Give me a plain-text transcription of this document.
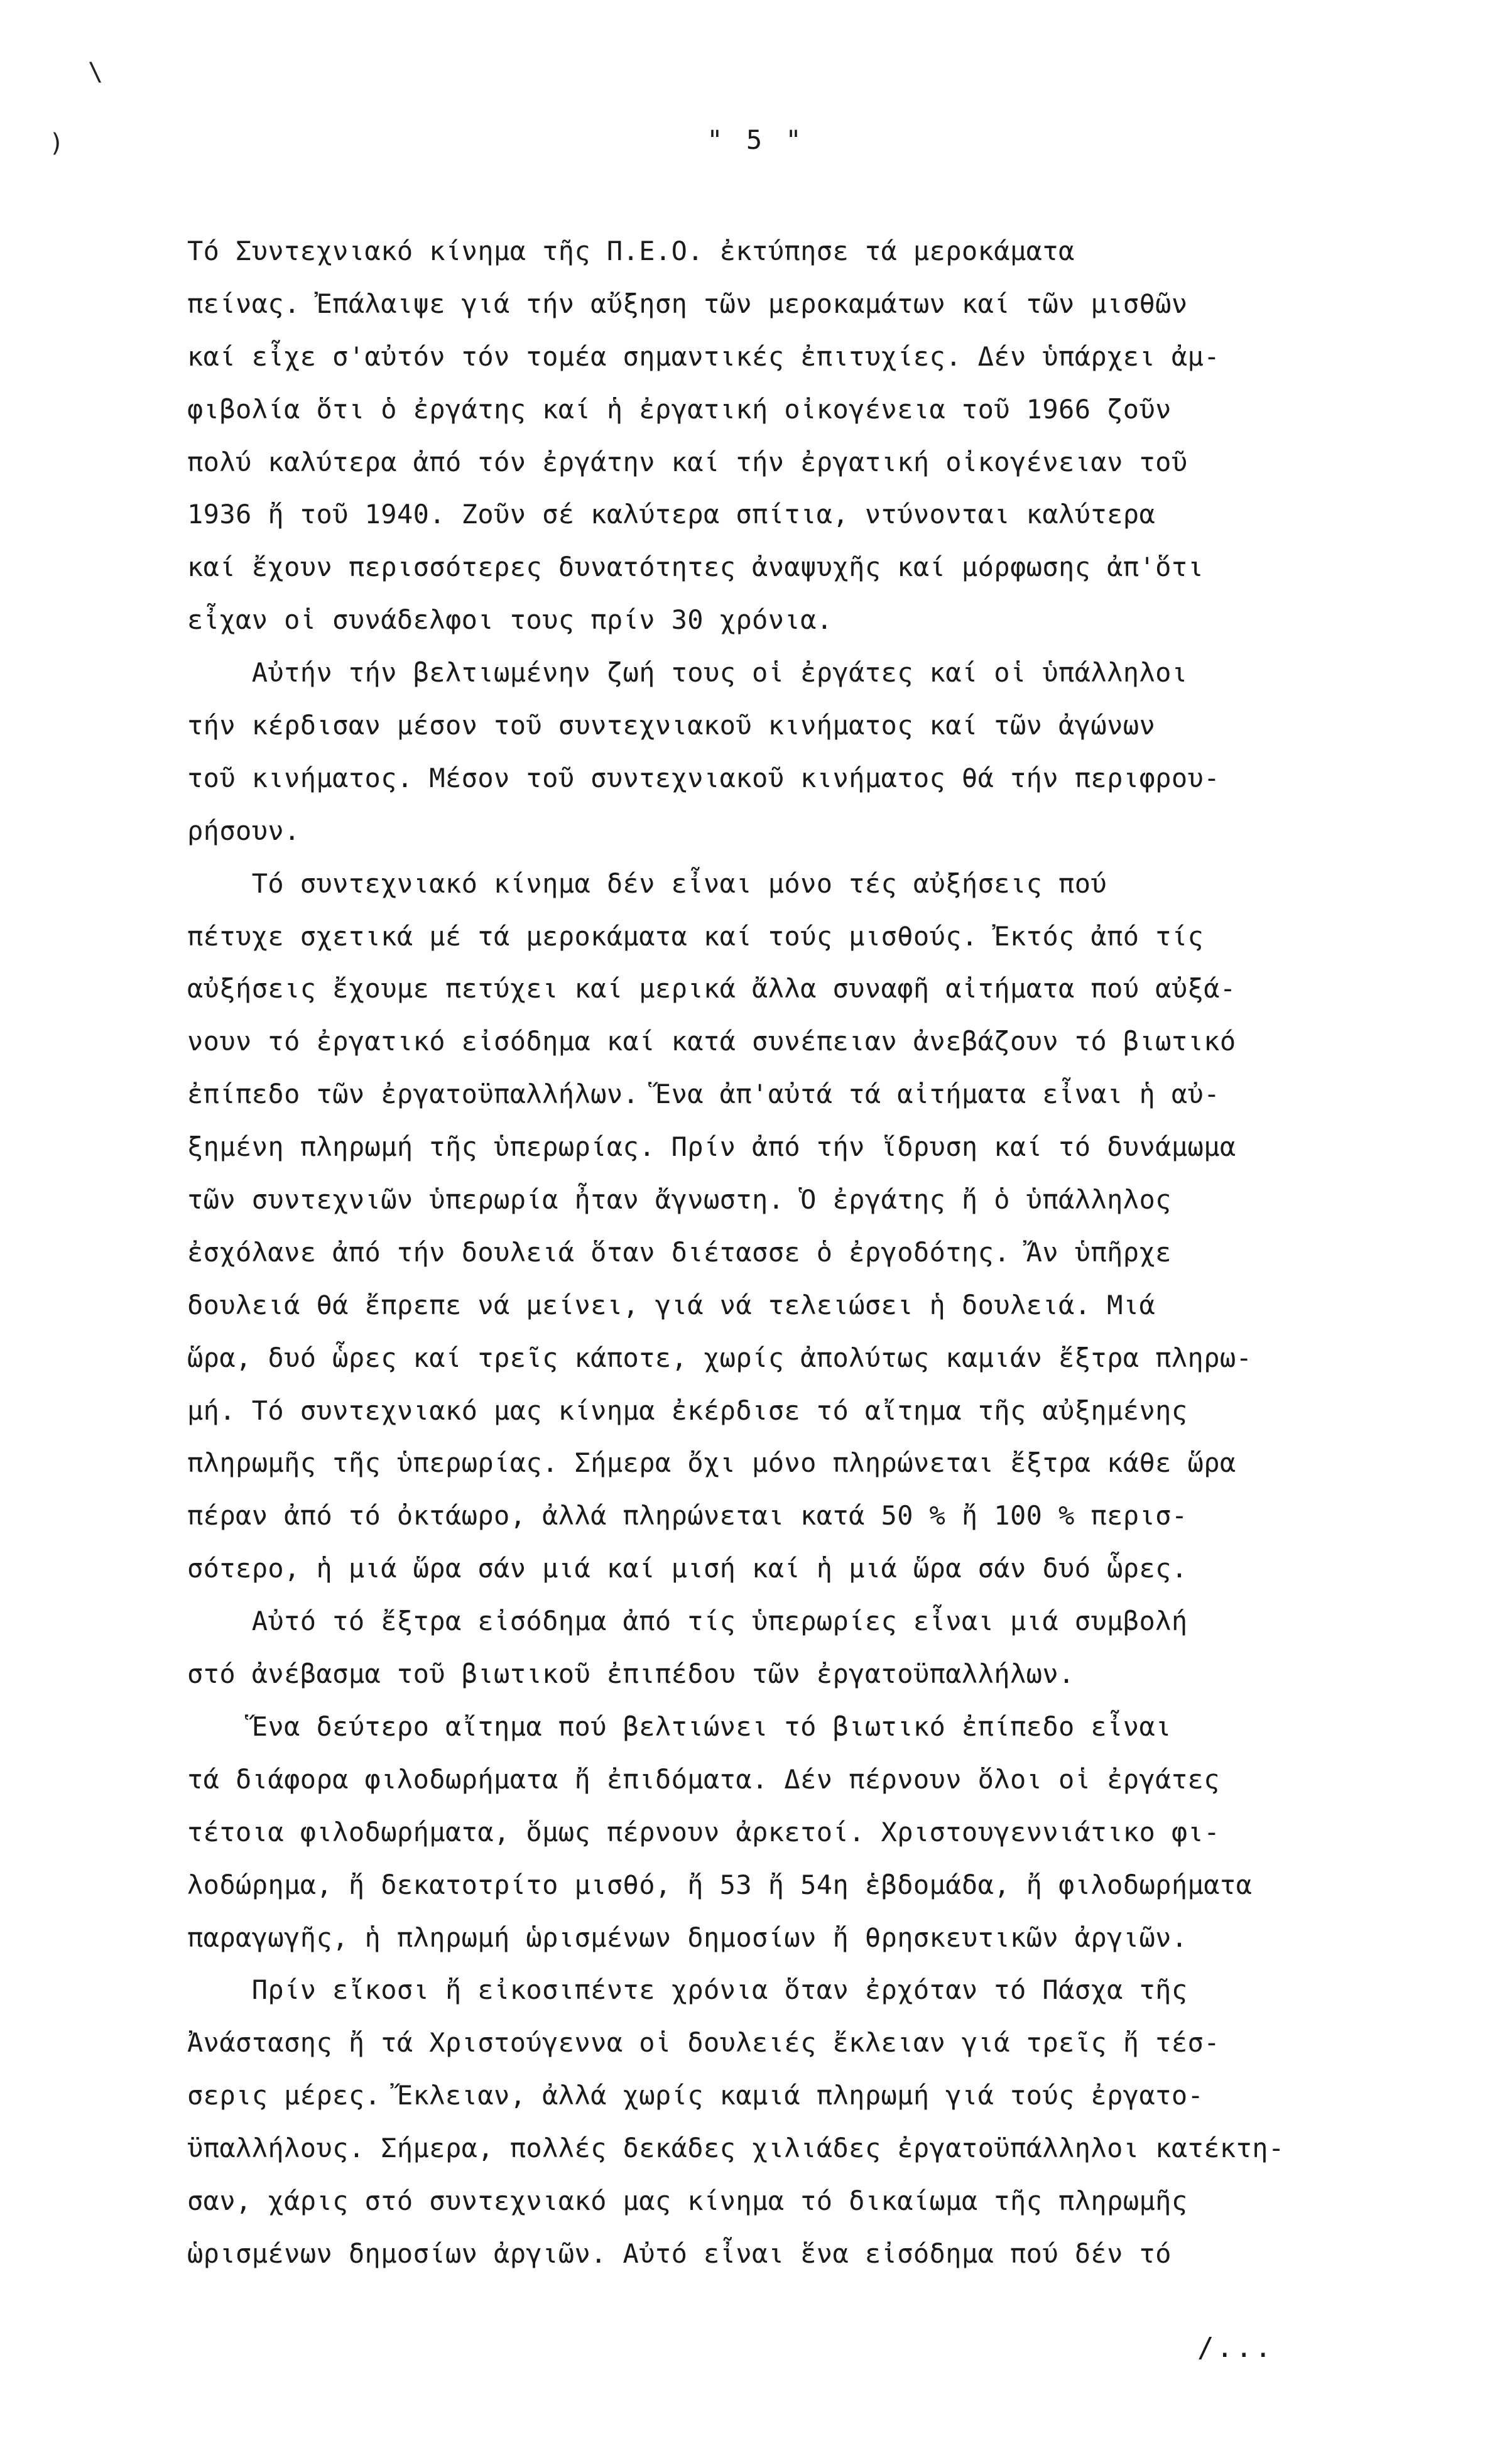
\
)	" 5 "
Τό Συντεχνιακό κίνημα τῆς Π.Ε.Ο. ἐκτύπησε τά μεροκάματα
πείνας. Ἐπάλαιψε γιά τήν αὔξηση τῶν μεροκαμάτων καί τῶν μισθῶν
καί εἶχε σ'αὐτόν τόν τομέα σημαντικές ἐπιτυχίες. Δέν ὑπάρχει ἀμ-
φιβολία ὅτι ὁ ἐργάτης καί ἡ ἐργατική οἰκογένεια τοῦ 1966 ζοῦν
πολύ καλύτερα ἀπό τόν ἐργάτην καί τήν ἐργατική οἰκογένειαν τοῦ
1936 ἤ τοῦ 1940. Ζοῦν σέ καλύτερα σπίτια, ντύνονται καλύτερα
καί ἔχουν περισσότερες δυνατότητες ἀναψυχῆς καί μόρφωσης ἀπ'ὅτι
εἶχαν οἱ συνάδελφοι τους πρίν 30 χρόνια.
Αὐτήν τήν βελτιωμένην ζωή τους οἱ ἐργάτες καί οἱ ὑπάλληλοι
τήν κέρδισαν μέσον τοῦ συντεχνιακοῦ κινήματος καί τῶν ἀγώνων
τοῦ κινήματος. Μέσον τοῦ συντεχνιακοῦ κινήματος θά τήν περιφρου-
ρήσουν.
Τό συντεχνιακό κίνημα δέν εἶναι μόνο τές αὐξήσεις πού
πέτυχε σχετικά μέ τά μεροκάματα καί τούς μισθούς. Ἐκτός ἀπό τίς
αὐξήσεις ἔχουμε πετύχει καί μερικά ἄλλα συναφῆ αἰτήματα πού αὐξά-
νουν τό ἐργατικό εἰσόδημα καί κατά συνέπειαν ἀνεβάζουν τό βιωτικό
ἐπίπεδο τῶν ἐργατοϋπαλλήλων. Ἕνα ἀπ'αὐτά τά αἰτήματα εἶναι ἡ αὐ-
ξημένη πληρωμή τῆς ὑπερωρίας. Πρίν ἀπό τήν ἵδρυση καί τό δυνάμωμα
τῶν συντεχνιῶν ὑπερωρία ἦταν ἄγνωστη. Ὁ ἐργάτης ἤ ὁ ὑπάλληλος
ἐσχόλανε ἀπό τήν δουλειά ὅταν διέτασσε ὁ ἐργοδότης. Ἄν ὑπῆρχε
δουλειά θά ἔπρεπε νά μείνει, γιά νά τελειώσει ἡ δουλειά. Μιά
ὥρα, δυό ὧρες καί τρεῖς κάποτε, χωρίς ἀπολύτως καμιάν ἔξτρα πληρω-
μή. Τό συντεχνιακό μας κίνημα ἐκέρδισε τό αἴτημα τῆς αὐξημένης
πληρωμῆς τῆς ὑπερωρίας. Σήμερα ὄχι μόνο πληρώνεται ἔξτρα κάθε ὥρα
πέραν ἀπό τό ὀκτάωρο, ἀλλά πληρώνεται κατά 50 % ἤ 100 % περισ-
σότερο, ἡ μιά ὥρα σάν μιά καί μισή καί ἡ μιά ὥρα σάν δυό ὧρες.
Αὐτό τό ἔξτρα εἰσόδημα ἀπό τίς ὑπερωρίες εἶναι μιά συμβολή
στό ἀνέβασμα τοῦ βιωτικοῦ ἐπιπέδου τῶν ἐργατοϋπαλλήλων.
Ἕνα δεύτερο αἴτημα πού βελτιώνει τό βιωτικό ἐπίπεδο εἶναι
τά διάφορα φιλοδωρήματα ἤ ἐπιδόματα. Δέν πέρνουν ὅλοι οἱ ἐργάτες
τέτοια φιλοδωρήματα, ὅμως πέρνουν ἀρκετοί. Χριστουγεννιάτικο φι-
λοδώρημα, ἤ δεκατοτρίτο μισθό, ἤ 53 ἤ 54η ἑβδομάδα, ἤ φιλοδωρήματα
παραγωγῆς, ἡ πληρωμή ὡρισμένων δημοσίων ἤ θρησκευτικῶν ἀργιῶν.
Πρίν εἴκοσι ἤ εἰκοσιπέντε χρόνια ὅταν ἐρχόταν τό Πάσχα τῆς
Ἀνάστασης ἤ τά Χριστούγεννα οἱ δουλειές ἔκλειαν γιά τρεῖς ἤ τέσ-
σερις μέρες. Ἔκλειαν, ἀλλά χωρίς καμιά πληρωμή γιά τούς ἐργατο-
ϋπαλλήλους. Σήμερα, πολλές δεκάδες χιλιάδες ἐργατοϋπάλληλοι κατέκτη-
σαν, χάρις στό συντεχνιακό μας κίνημα τό δικαίωμα τῆς πληρωμῆς
ὡρισμένων δημοσίων ἀργιῶν. Αὐτό εἶναι ἕνα εἰσόδημα πού δέν τό
/...
